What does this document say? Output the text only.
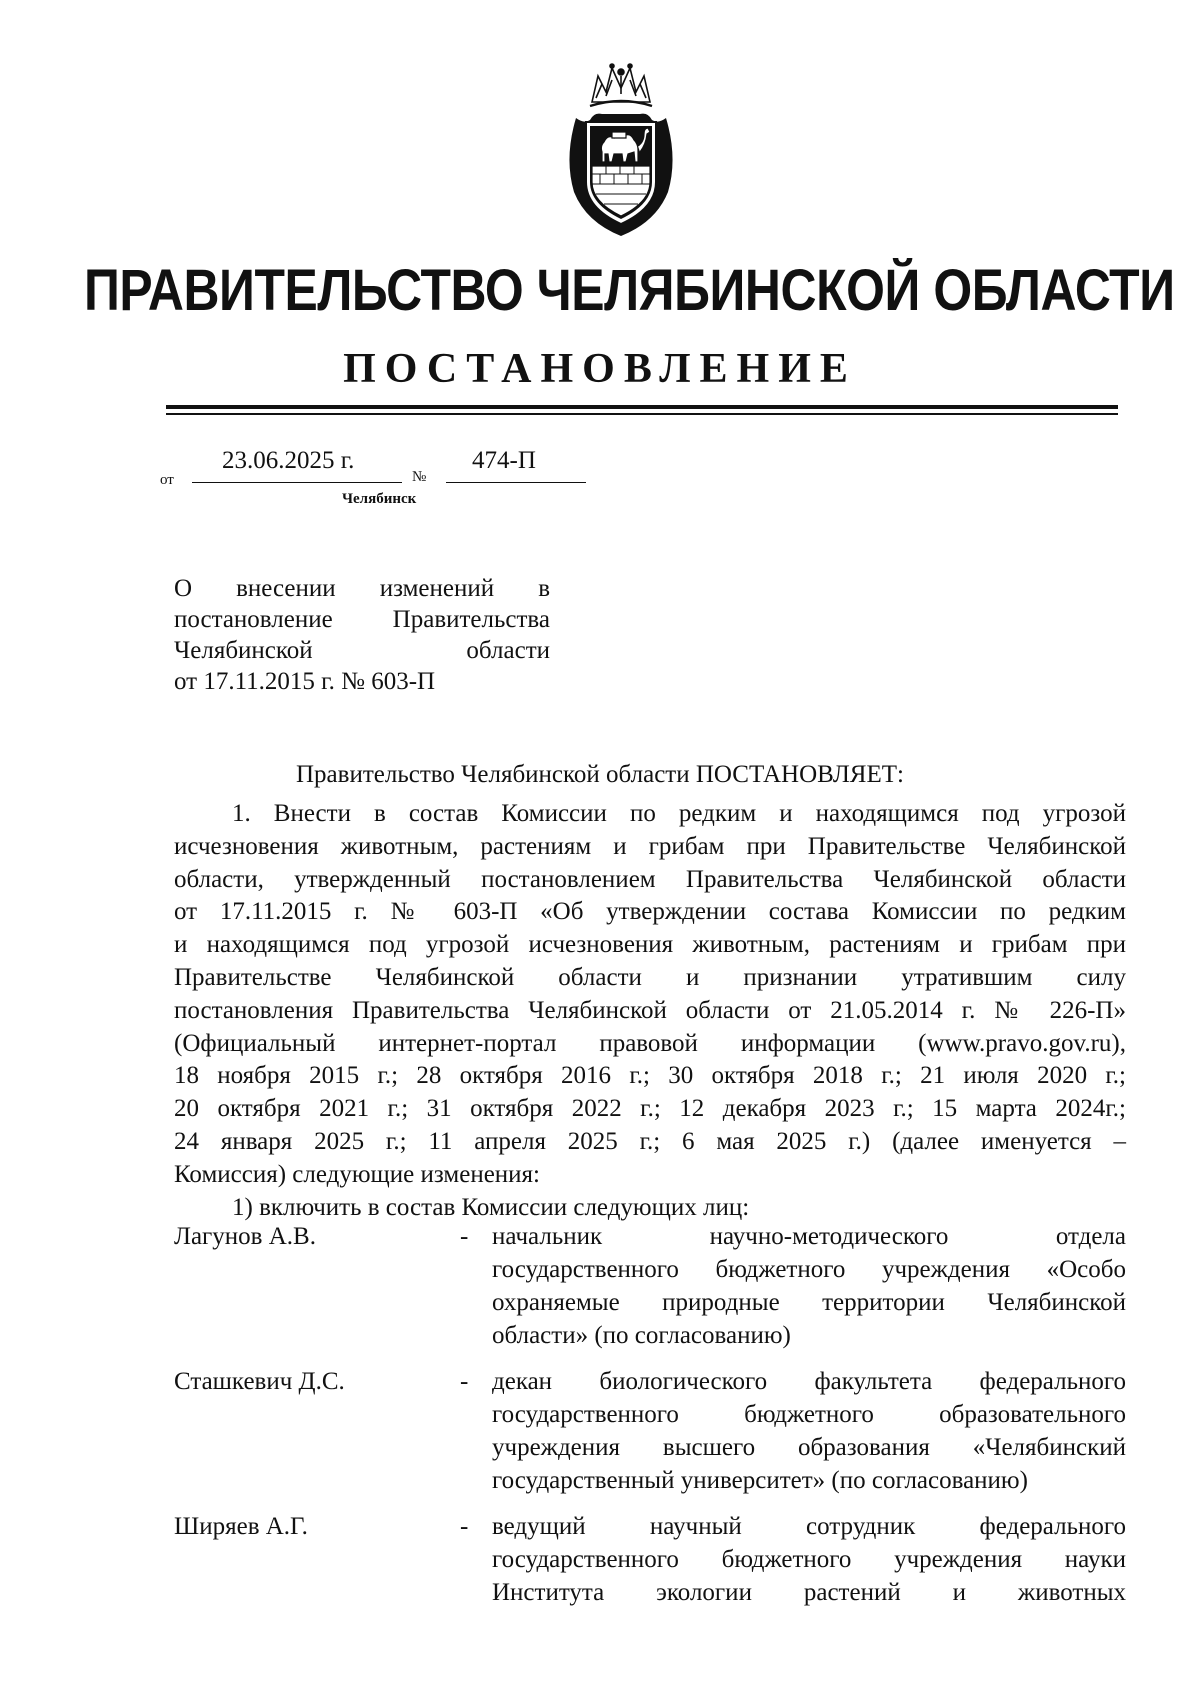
ПРАВИТЕЛЬСТВО ЧЕЛЯБИНСКОЙ ОБЛАСТИ
ПОСТАНОВЛЕНИЕ
от
23.06.2025 г.
№
474-П
Челябинск
О внесении изменений в
постановление Правительства
Челябинской области
от 17.11.2015 г. № 603-П
Правительство Челябинской области ПОСТАНОВЛЯЕТ:
1. Внести в состав Комиссии по редким и находящимся под угрозой
исчезновения животным, растениям и грибам при Правительстве Челябинской
области, утвержденный постановлением Правительства Челябинской области
от 17.11.2015 г. № 603-П «Об утверждении состава Комиссии по редким
и находящимся под угрозой исчезновения животным, растениям и грибам при
Правительстве Челябинской области и признании утратившим силу
постановления Правительства Челябинской области от 21.05.2014 г. № 226-П»
(Официальный интернет-портал правовой информации (www.pravo.gov.ru),
18 ноября 2015 г.; 28 октября 2016 г.; 30 октября 2018 г.; 21 июля 2020 г.;
20 октября 2021 г.; 31 октября 2022 г.; 12 декабря 2023 г.; 15 марта 2024г.;
24 января 2025 г.; 11 апреля 2025 г.; 6 мая 2025 г.) (далее именуется –
Комиссия) следующие изменения:
1) включить в состав Комиссии следующих лиц:
Лагунов А.В.	- начальник научно-методического отдела
государственного бюджетного учреждения «Особо
охраняемые природные территории Челябинской
области» (по согласованию)
Сташкевич Д.С.	- декан биологического факультета федерального
государственного бюджетного образовательного
учреждения высшего образования «Челябинский
государственный университет» (по согласованию)
Ширяев А.Г.	- ведущий научный сотрудник федерального
государственного бюджетного учреждения науки
Института экологии растений и животных
